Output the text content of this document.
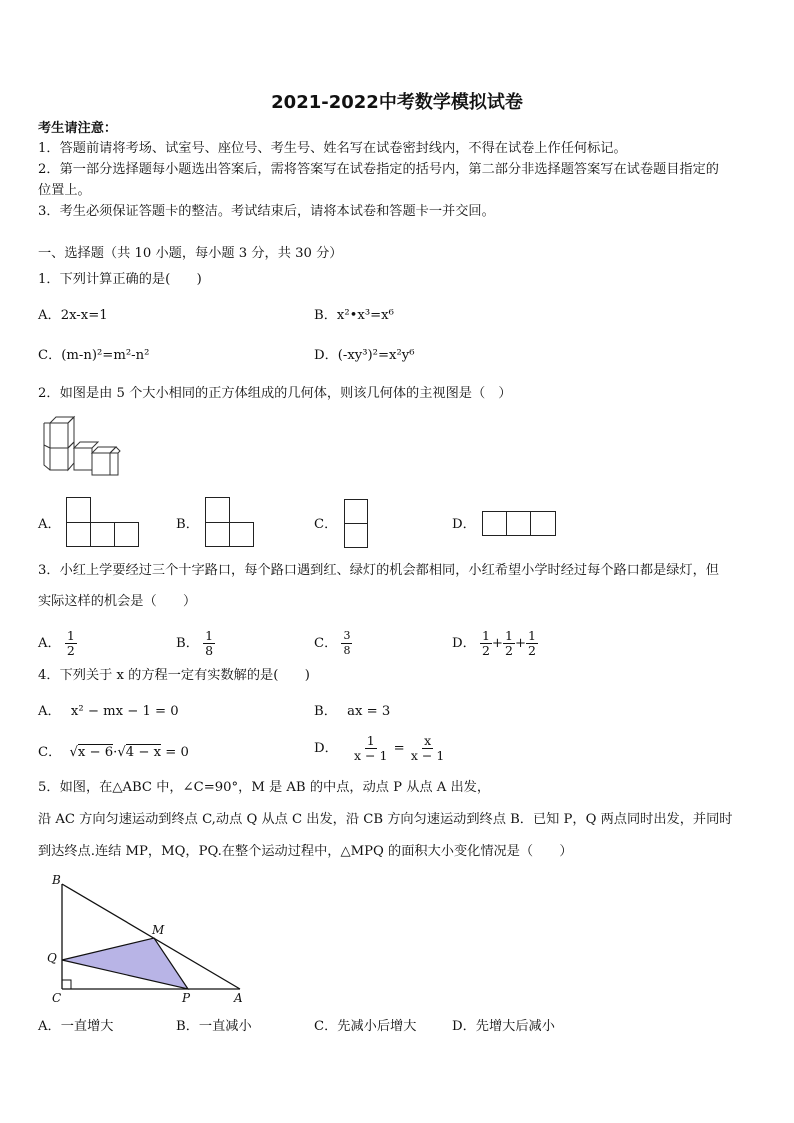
2021-2022中考数学模拟试卷
考生请注意：
1．答题前请将考场、试室号、座位号、考生号、姓名写在试卷密封线内，不得在试卷上作任何标记。
2．第一部分选择题每小题选出答案后，需将答案写在试卷指定的括号内，第二部分非选择题答案写在试卷题目指定的
位置上。
3．考生必须保证答题卡的整洁。考试结束后，请将本试卷和答题卡一并交回。
一、选择题（共 10 小题，每小题 3 分，共 30 分）
1．下列计算正确的是(　　)
A．2x-x=1	B．x²•x³=x⁶
C．(m-n)²=m²-n²	D．(-xy³)²=x²y⁶
2．如图是由 5 个大小相同的正方体组成的几何体，则该几何体的主视图是（　）
A．	B．	C．	D．
3．小红上学要经过三个十字路口，每个路口遇到红、绿灯的机会都相同，小红希望小学时经过每个路口都是绿灯，但
实际这样的机会是（　　）
A． $\frac{1}{2}$	B． $\frac{1}{8}$	C． $\frac{3}{8}$	D． $\frac{1}{2} + \frac{1}{2} + \frac{1}{2}$
4．下列关于 x 的方程一定有实数解的是(　　)
A． x² − mx − 1 = 0	B． ax = 3
C． √x − 6·√4 − x = 0	D． $\frac{1}{x - 1} = \frac{x}{x - 1}$
5．如图，在△ABC 中，∠C=90°，M 是 AB 的中点，动点 P 从点 A 出发，
沿 AC 方向匀速运动到终点 C,动点 Q 从点 C 出发，沿 CB 方向匀速运动到终点 B．已知 P，Q 两点同时出发，并同时
到达终点.连结 MP，MQ，PQ.在整个运动过程中，△MPQ 的面积大小变化情况是（　　）
B
M
Q
C	P	A
A．一直增大	B．一直减小	C．先减小后增大	D．先增大后减小
